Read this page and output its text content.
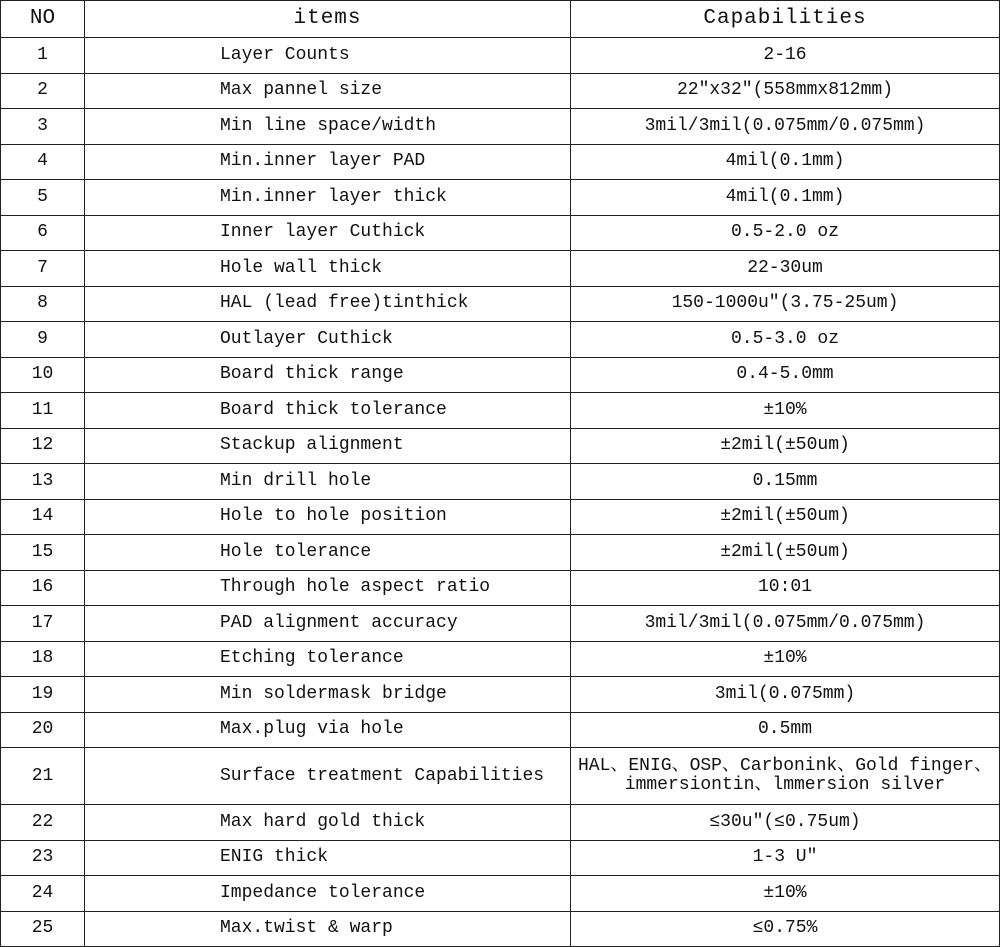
NO	items	Capabilities
1	Layer Counts	2-16
2	Max pannel size	22″x32″(558mmx812mm)
3	Min line space/width	3mil/3mil(0.075mm/0.075mm)
4	Min.inner layer PAD	4mil(0.1mm)
5	Min.inner layer thick	4mil(0.1mm)
6	Inner layer Cuthick	0.5-2.0 oz
7	Hole wall thick	22-30um
8	HAL (lead free)tinthick	150-1000u″(3.75-25um)
9	Outlayer Cuthick	0.5-3.0 oz
10	Board thick range	0.4-5.0mm
11	Board thick tolerance	±10%
12	Stackup alignment	±2mil(±50um)
13	Min drill hole	0.15mm
14	Hole to hole position	±2mil(±50um)
15	Hole tolerance	±2mil(±50um)
16	Through hole aspect ratio	10:01
17	PAD alignment accuracy	3mil/3mil(0.075mm/0.075mm)
18	Etching tolerance	±10%
19	Min soldermask bridge	3mil(0.075mm)
20	Max.plug via hole	0.5mm
21	Surface treatment Capabilities	HAL、ENIG、OSP、Carbonink、Gold finger、immersiontin、lmmersion silver
22	Max hard gold thick	≤30u″(≤0.75um)
23	ENIG thick	1-3 U″
24	Impedance tolerance	±10%
25	Max.twist & warp	≤0.75%
